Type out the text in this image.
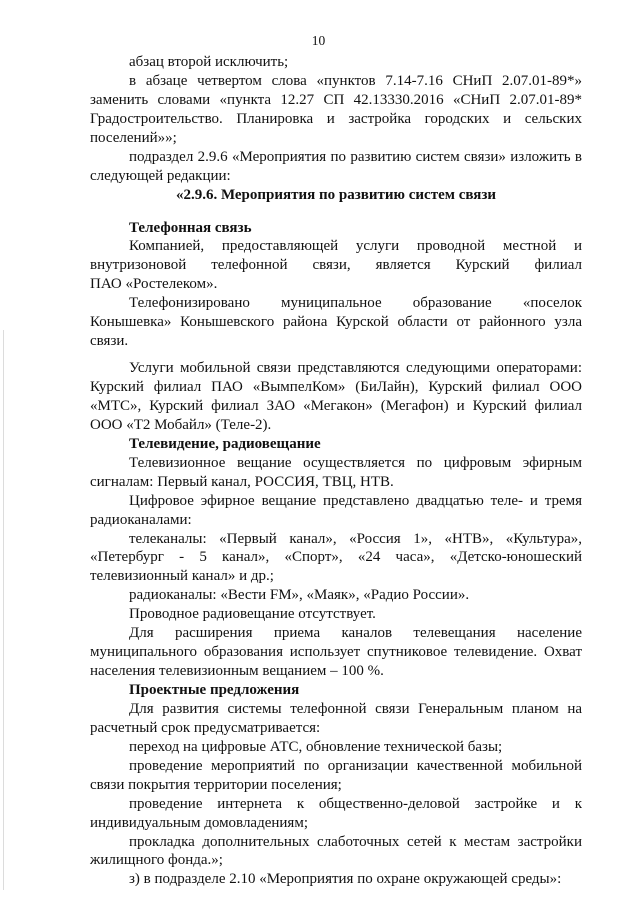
10
абзац второй исключить;
в абзаце четвертом слова «пунктов 7.14-7.16 СНиП 2.07.01-89*»
заменить словами «пункта 12.27 СП 42.13330.2016 «СНиП 2.07.01-89*
Градостроительство. Планировка и застройка городских и сельских
поселений»»;
подраздел 2.9.6 «Мероприятия по развитию систем связи» изложить в
следующей редакции:
«2.9.6. Мероприятия по развитию систем связи
Телефонная связь
Компанией, предоставляющей услуги проводной местной и
внутризоновой телефонной связи, является Курский филиал
ПАО «Ростелеком».
Телефонизировано муниципальное образование «поселок
Конышевка» Конышевского района Курской области от районного узла
связи.
Услуги мобильной связи представляются следующими операторами:
Курский филиал ПАО «ВымпелКом» (БиЛайн), Курский филиал ООО
«МТС», Курский филиал ЗАО «Мегакон» (Мегафон) и Курский филиал
ООО «Т2 Мобайл» (Теле-2).
Телевидение, радиовещание
Телевизионное вещание осуществляется по цифровым эфирным
сигналам: Первый канал, РОССИЯ, ТВЦ, НТВ.
Цифровое эфирное вещание представлено двадцатью теле- и тремя
радиоканалами:
телеканалы: «Первый канал», «Россия 1», «НТВ», «Культура»,
«Петербург - 5 канал», «Спорт», «24 часа», «Детско-юношеский
телевизионный канал» и др.;
радиоканалы: «Вести FM», «Маяк», «Радио России».
Проводное радиовещание отсутствует.
Для расширения приема каналов телевещания население
муниципального образования использует спутниковое телевидение. Охват
населения телевизионным вещанием – 100 %.
Проектные предложения
Для развития системы телефонной связи Генеральным планом на
расчетный срок предусматривается:
переход на цифровые АТС, обновление технической базы;
проведение мероприятий по организации качественной мобильной
связи покрытия территории поселения;
проведение интернета к общественно-деловой застройке и к
индивидуальным домовладениям;
прокладка дополнительных слаботочных сетей к местам застройки
жилищного фонда.»;
з) в подразделе 2.10 «Мероприятия по охране окружающей среды»:
